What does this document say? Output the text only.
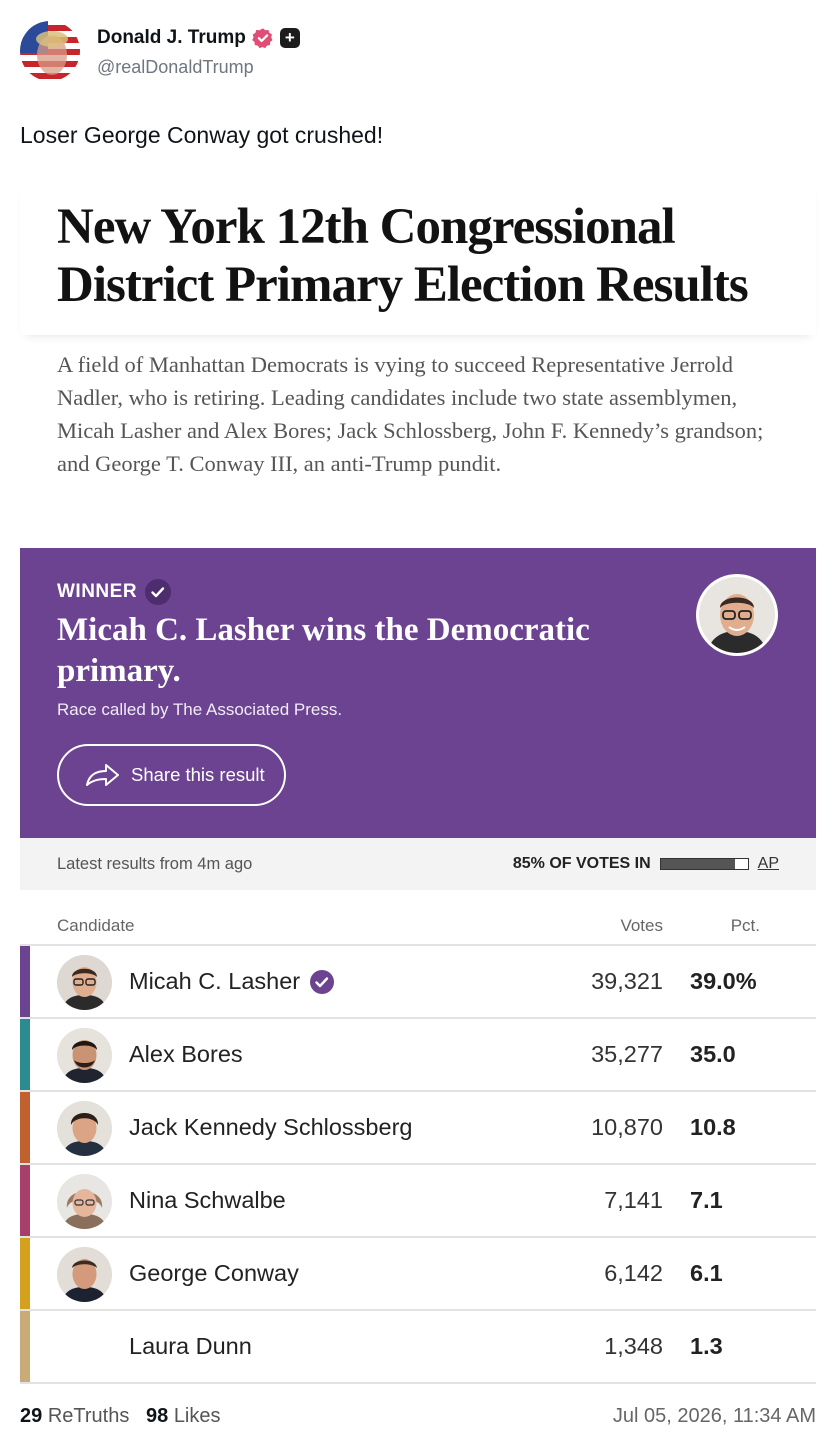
Donald J. Trump +
@realDonaldTrump
Loser George Conway got crushed!
New York 12th Congressional District Primary Election Results
A field of Manhattan Democrats is vying to succeed Representative Jerrold Nadler, who is retiring. Leading candidates include two state assemblymen, Micah Lasher and Alex Bores; Jack Schlossberg, John F. Kennedy’s grandson; and George T. Conway III, an anti-Trump pundit.
WINNER
Micah C. Lasher wins the Democratic primary.
Race called by The Associated Press.
Share this result
Latest results from 4m ago	85% OF VOTES IN	AP
Candidate	Votes	Pct.
Micah C. Lasher	39,321 39.0%
Alex Bores	35,277 35.0
Jack Kennedy Schlossberg	10,870 10.8
Nina Schwalbe	7,141 7.1
George Conway	6,142 6.1
Laura Dunn	1,348 1.3
29 ReTruths 98 Likes	Jul 05, 2026, 11:34 AM
